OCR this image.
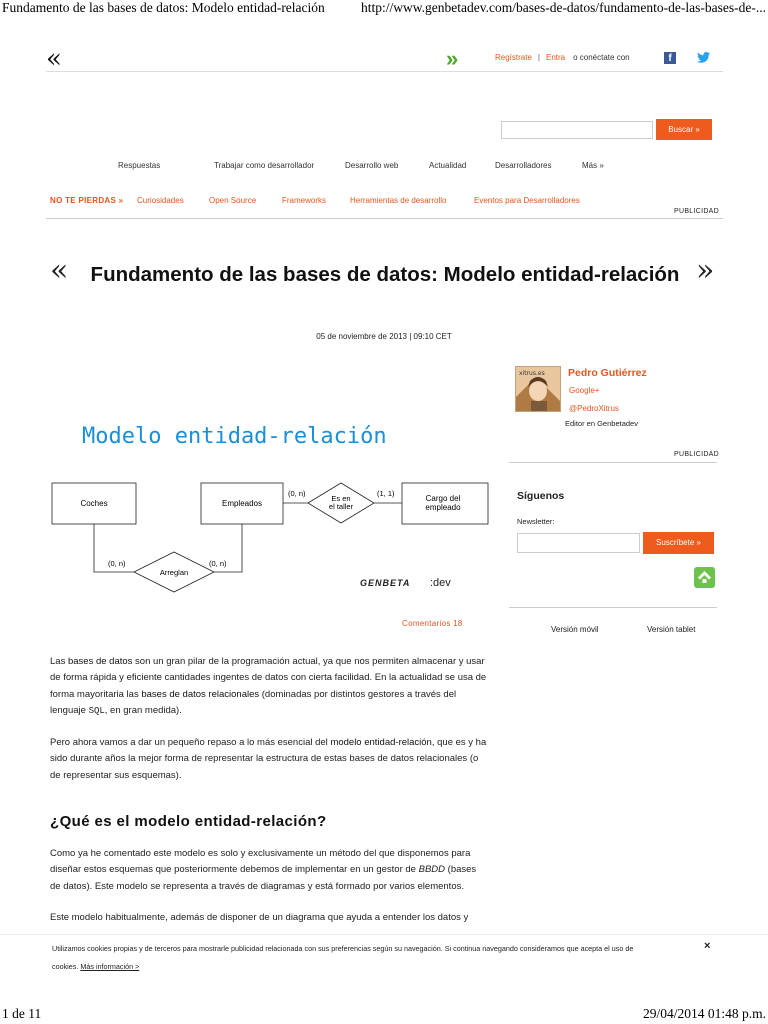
Fundamento de las bases de datos: Modelo entidad-relación	http://www.genbetadev.com/bases-de-datos/fundamento-de-las-bases-de-...
«	»	Regístrate | Entra o conéctate con	f
Buscar »
Respuestas	Trabajar como desarrollador	Desarrollo web	Actualidad	Desarrolladores	Más »
NO TE PIERDAS » Curiosidades	Open Source	Frameworks	Herramientas de desarrollo	Eventos para Desarrolladores
PUBLICIDAD
«	»
Fundamento de las bases de datos: Modelo entidad-relación
05 de noviembre de 2013 | 09:10 CET
xitrus.es Pedro Gutiérrez
Google+
@PedroXitrus
Editor en Genbetadev
PUBLICIDAD
Modelo entidad-relación
Coches	Empleados
Cargo del
empleado
Es en
el taller
(0, n)	(1, 1)
Arreglan
(0, n)	(0, n)
GENBETA :dev
Comentarios 18
Síguenos
Newsletter:
Suscríbete »
Versión móvil	Versión tablet

Las bases de datos son un gran pilar de la programación actual, ya que nos permiten almacenar y usar de forma rápida y eficiente cantidades ingentes de datos con cierta facilidad. En la actualidad se usa de forma mayoritaria las bases de datos relacionales (dominadas por distintos gestores a través del lenguaje SQL, en gran medida).

Pero ahora vamos a dar un pequeño repaso a lo más esencial del modelo entidad-relación, que es y ha sido durante años la mejor forma de representar la estructura de estas bases de datos relacionales (o de representar sus esquemas).

¿Qué es el modelo entidad-relación?

Como ya he comentado este modelo es solo y exclusivamente un método del que disponemos para diseñar estos esquemas que posteriormente debemos de implementar en un gestor de BBDD (bases de datos). Este modelo se representa a través de diagramas y está formado por varios elementos.

Este modelo habitualmente, además de disponer de un diagrama que ayuda a entender los datos y

Utilizamos cookies propias y de terceros para mostrarle publicidad relacionada con sus preferencias según su navegación. Si continua navegando consideramos que acepta el uso de cookies. Más información >
×
1 de 11	29/04/2014 01:48 p.m.
